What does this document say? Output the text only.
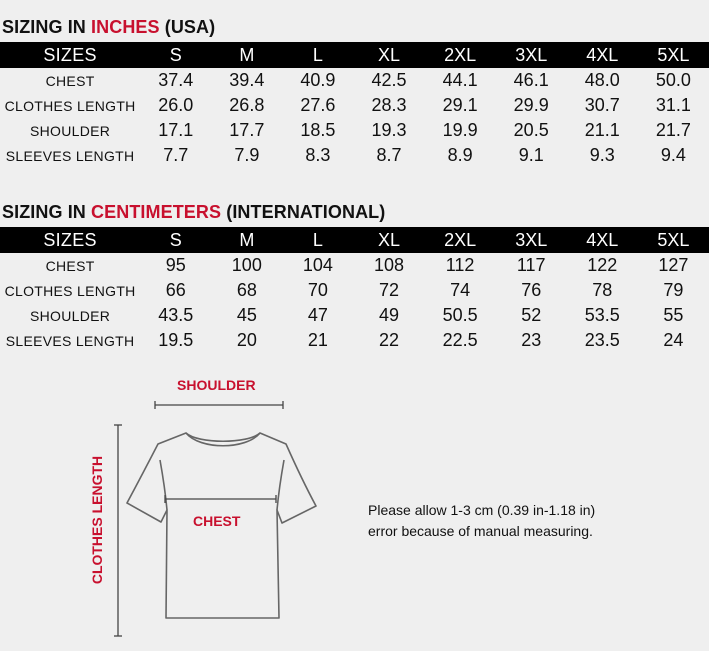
SIZING IN INCHES (USA)
SIZES	S	M	L	XL	2XL	3XL	4XL	5XL
CHEST	37.4	39.4	40.9	42.5	44.1	46.1	48.0	50.0
CLOTHES LENGTH	26.0	26.8	27.6	28.3	29.1	29.9	30.7	31.1
SHOULDER	17.1	17.7	18.5	19.3	19.9	20.5	21.1	21.7
SLEEVES LENGTH	7.7	7.9	8.3	8.7	8.9	9.1	9.3	9.4
SIZING IN CENTIMETERS (INTERNATIONAL)
SIZES	S	M	L	XL	2XL	3XL	4XL	5XL
CHEST	95	100	104	108	112	117	122	127
CLOTHES LENGTH	66	68	70	72	74	76	78	79
SHOULDER	43.5	45	47	49	50.5	52	53.5	55
SLEEVES LENGTH	19.5	20	21	22	22.5	23	23.5	24
SHOULDER
CHEST
CLOTHES LENGTH	Please allow 1-3 cm (0.39 in-1.18 in)
error because of manual measuring.
